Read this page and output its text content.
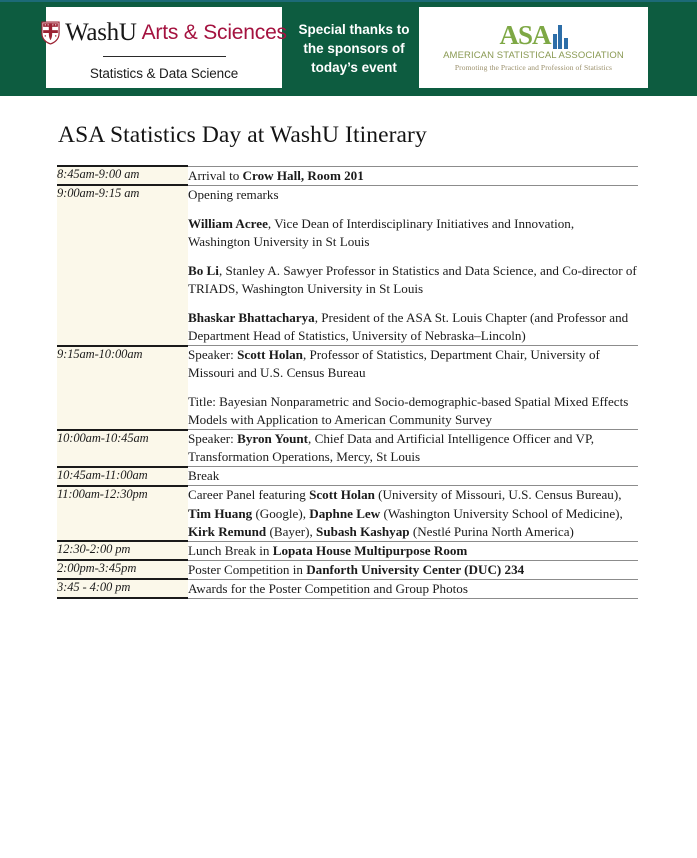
WashU Arts & Sciences
Statistics & Data Science
Special thanks to the sponsors of today’s event
ASA
AMERICAN STATISTICAL ASSOCIATION
Promoting the Practice and Profession of Statistics
ASA Statistics Day at WashU Itinerary
8:45am-9:00 am	Arrival to Crow Hall, Room 201

9:00am-9:15 am	Opening remarks

William Acree, Vice Dean of Interdisciplinary Initiatives and Innovation, Washington University in St Louis

Bo Li, Stanley A. Sawyer Professor in Statistics and Data Science, and Co-director of TRIADS, Washington University in St Louis

Bhaskar Bhattacharya, President of the ASA St. Louis Chapter (and Professor and Department Head of Statistics, University of Nebraska–Lincoln)

9:15am-10:00am	Speaker: Scott Holan, Professor of Statistics, Department Chair, University of Missouri and U.S. Census Bureau

Title: Bayesian Nonparametric and Socio-demographic-based Spatial Mixed Effects Models with Application to American Community Survey

10:00am-10:45am	Speaker: Byron Yount, Chief Data and Artificial Intelligence Officer and VP, Transformation Operations, Mercy, St Louis

10:45am-11:00am	Break

11:00am-12:30pm	Career Panel featuring Scott Holan (University of Missouri, U.S. Census Bureau), Tim Huang (Google), Daphne Lew (Washington University School of Medicine), Kirk Remund (Bayer), Subash Kashyap (Nestlé Purina North America)

12:30-2:00 pm	Lunch Break in Lopata House Multipurpose Room

2:00pm-3:45pm	Poster Competition in Danforth University Center (DUC) 234

3:45 - 4:00 pm	Awards for the Poster Competition and Group Photos
